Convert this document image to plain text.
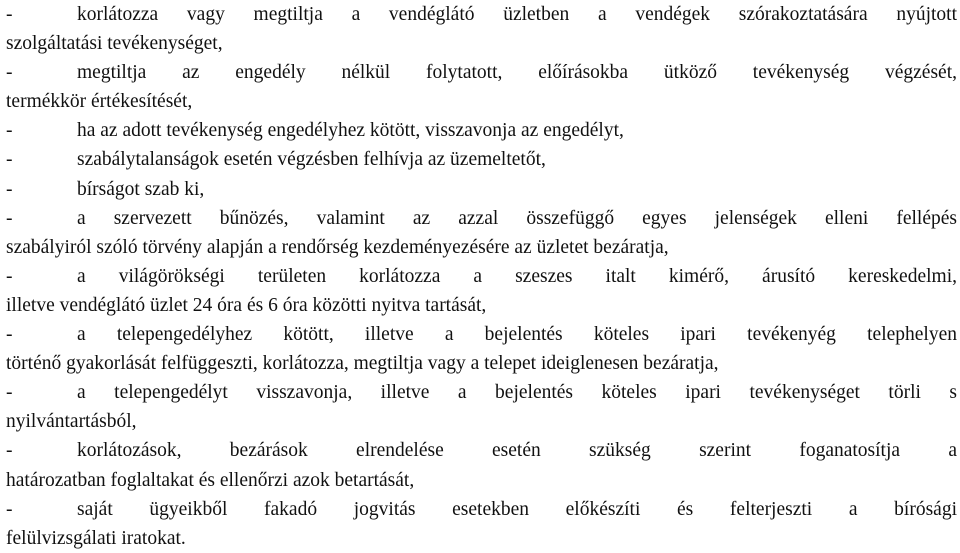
-	korlátozza vagy megtiltja a vendéglátó üzletben a vendégek szórakoztatására nyújtott
szolgáltatási tevékenységet,
-	megtiltja az engedély nélkül folytatott, előírásokba ütköző tevékenység végzését,
termékkör értékesítését,
-	ha az adott tevékenység engedélyhez kötött, visszavonja az engedélyt,
-	szabálytalanságok esetén végzésben felhívja az üzemeltetőt,
-	bírságot szab ki,
-	a szervezett bűnözés, valamint az azzal összefüggő egyes jelenségek elleni fellépés
szabályiról szóló törvény alapján a rendőrség kezdeményezésére az üzletet bezáratja,
-	a világörökségi területen korlátozza a szeszes italt kimérő, árusító kereskedelmi,
illetve vendéglátó üzlet 24 óra és 6 óra közötti nyitva tartását,
-	a telepengedélyhez kötött, illetve a bejelentés köteles ipari tevékenyég telephelyen
történő gyakorlását felfüggeszti, korlátozza, megtiltja vagy a telepet ideiglenesen bezáratja,
-	a telepengedélyt visszavonja, illetve a bejelentés köteles ipari tevékenységet törli s
nyilvántartásból,
-	korlátozások, bezárások elrendelése esetén szükség szerint foganatosítja a
határozatban foglaltakat és ellenőrzi azok betartását,
-	saját ügyeikből fakadó jogvitás esetekben előkészíti és felterjeszti a bírósági
felülvizsgálati iratokat.
